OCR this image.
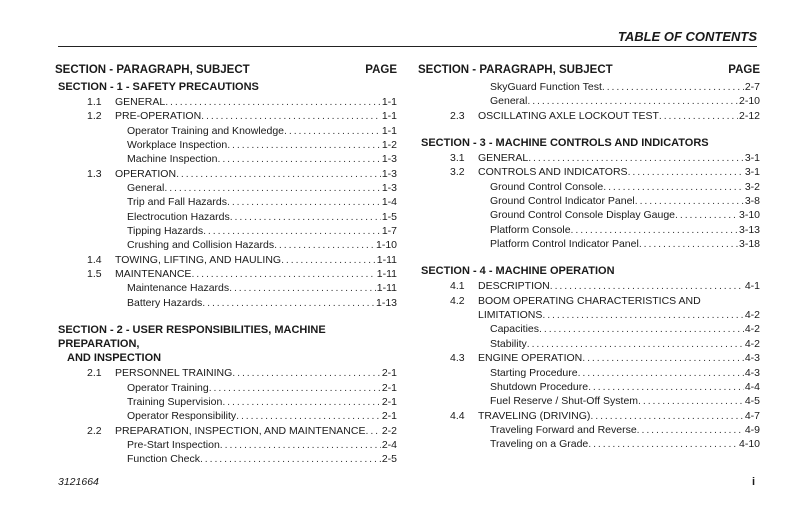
TABLE OF CONTENTS
SECTION - PARAGRAPH, SUBJECT	PAGE
SECTION - 1 - SAFETY PRECAUTIONS
1.1 GENERAL . . .	1-1
1.2 PRE-OPERATION . . .	1-1
Operator Training and Knowledge . . .	1-1
Workplace Inspection . . .	1-2
Machine Inspection . . .	1-3
1.3 OPERATION . . .	1-3
General . . .	1-3
Trip and Fall Hazards . . .	1-4
Electrocution Hazards . . .	1-5
Tipping Hazards . . .	1-7
Crushing and Collision Hazards . . .	1-10
1.4 TOWING, LIFTING, AND HAULING . . .	1-11
1.5 MAINTENANCE . . .	1-11
Maintenance Hazards . . .	1-11
Battery Hazards . . .	1-13
SECTION - 2 - USER RESPONSIBILITIES, MACHINE PREPARATION,
AND INSPECTION
2.1 PERSONNEL TRAINING . . .	2-1
Operator Training . . .	2-1
Training Supervision . . .	2-1
Operator Responsibility . . .	2-1
2.2 PREPARATION, INSPECTION, AND MAINTENANCE . . . 2-2
Pre-Start Inspection . . .	2-4
Function Check . . .	2-5
SECTION - PARAGRAPH, SUBJECT	PAGE
SkyGuard Function Test . . .	2-7
General . . .	2-10
2.3 OSCILLATING AXLE LOCKOUT TEST . . .	2-12
SECTION - 3 - MACHINE CONTROLS AND INDICATORS
3.1 GENERAL . . .	3-1
3.2 CONTROLS AND INDICATORS . . .	3-1
Ground Control Console . . .	3-2
Ground Control Indicator Panel . . .	3-8
Ground Control Console Display Gauge . . .	3-10
Platform Console . . .	3-13
Platform Control Indicator Panel . . .	3-18
SECTION - 4 - MACHINE OPERATION
4.1 DESCRIPTION . . .	4-1
4.2 BOOM OPERATING CHARACTERISTICS AND
LIMITATIONS . . .	4-2
Capacities . . .	4-2
Stability . . .	4-2
4.3 ENGINE OPERATION . . .	4-3
Starting Procedure . . .	4-3
Shutdown Procedure . . .	4-4
Fuel Reserve / Shut-Off System . . .	4-5
4.4 TRAVELING (DRIVING) . . .	4-7
Traveling Forward and Reverse . . .	4-9
Traveling on a Grade . . .	4-10
3121664	i
